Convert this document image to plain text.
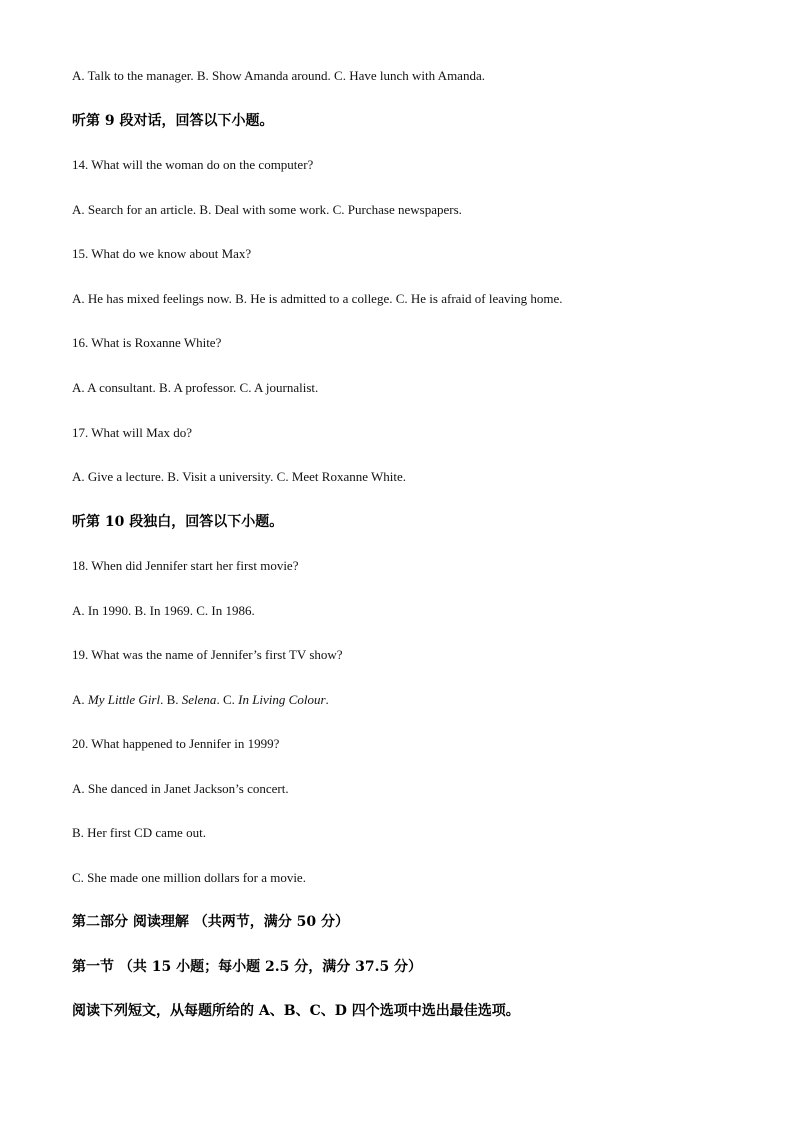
A. Talk to the manager. B. Show Amanda around. C. Have lunch with Amanda.
听第 9 段对话，回答以下小题。
14. What will the woman do on the computer?
A. Search for an article. B. Deal with some work. C. Purchase newspapers.
15. What do we know about Max?
A. He has mixed feelings now. B. He is admitted to a college. C. He is afraid of leaving home.
16. What is Roxanne White?
A. A consultant. B. A professor. C. A journalist.
17. What will Max do?
A. Give a lecture. B. Visit a university. C. Meet Roxanne White.
听第 10 段独白，回答以下小题。
18. When did Jennifer start her first movie?
A. In 1990. B. In 1969. C. In 1986.
19. What was the name of Jennifer’s first TV show?
A. My Little Girl. B. Selena. C. In Living Colour.
20. What happened to Jennifer in 1999?
A. She danced in Janet Jackson’s concert.
B. Her first CD came out.
C. She made one million dollars for a movie.
第二部分 阅读理解 （共两节，满分 50 分）
第一节 （共 15 小题；每小题 2.5 分，满分 37.5 分）
阅读下列短文，从每题所给的 A、B、C、D 四个选项中选出最佳选项。
